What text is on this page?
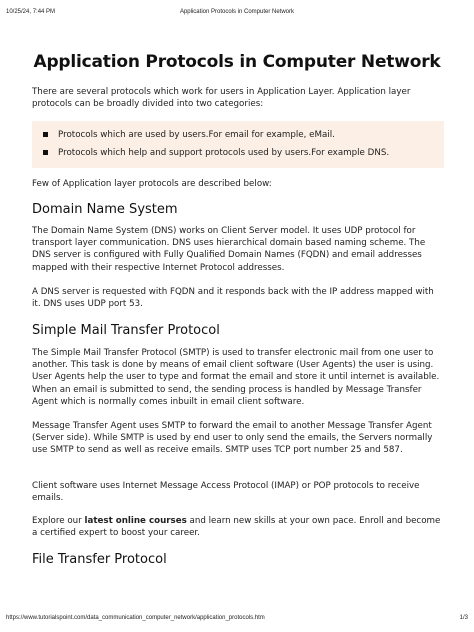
10/25/24, 7:44 PM	Application Protocols in Computer Network
Application Protocols in Computer Network

There are several protocols which work for users in Application Layer. Application layer protocols can be broadly divided into two categories:

Protocols which are used by users.For email for example, eMail.
Protocols which help and support protocols used by users.For example DNS.

Few of Application layer protocols are described below:

Domain Name System

The Domain Name System (DNS) works on Client Server model. It uses UDP protocol for transport layer communication. DNS uses hierarchical domain based naming scheme. The DNS server is configured with Fully Qualified Domain Names (FQDN) and email addresses mapped with their respective Internet Protocol addresses.

A DNS server is requested with FQDN and it responds back with the IP address mapped with it. DNS uses UDP port 53.

Simple Mail Transfer Protocol

The Simple Mail Transfer Protocol (SMTP) is used to transfer electronic mail from one user to another. This task is done by means of email client software (User Agents) the user is using. User Agents help the user to type and format the email and store it until internet is available. When an email is submitted to send, the sending process is handled by Message Transfer Agent which is normally comes inbuilt in email client software.

Message Transfer Agent uses SMTP to forward the email to another Message Transfer Agent (Server side). While SMTP is used by end user to only send the emails, the Servers normally use SMTP to send as well as receive emails. SMTP uses TCP port number 25 and 587.

Client software uses Internet Message Access Protocol (IMAP) or POP protocols to receive emails.

Explore our latest online courses and learn new skills at your own pace. Enroll and become a certified expert to boost your career.

File Transfer Protocol
https://www.tutorialspoint.com/data_communication_computer_network/application_protocols.htm	1/3
